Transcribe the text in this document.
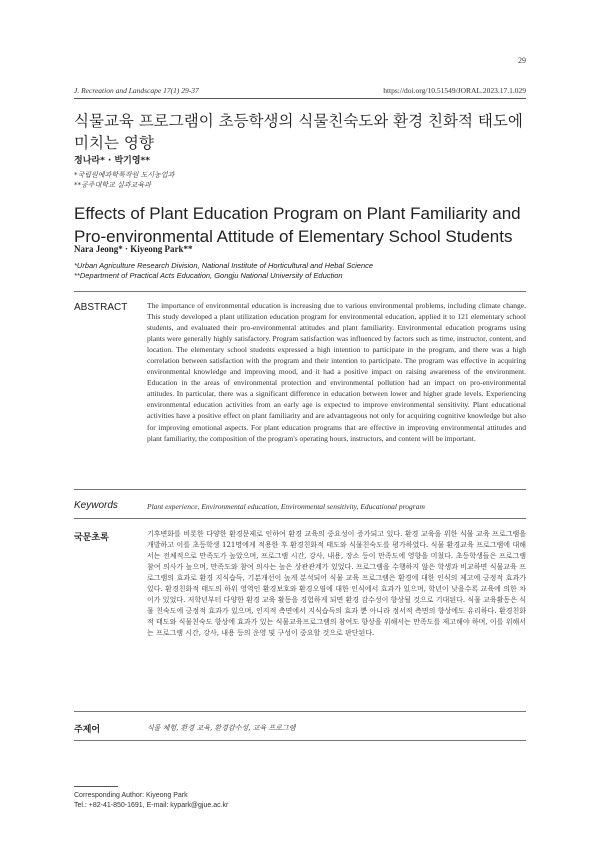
29
J. Recreation and Landscape 17(1) 29-37	https://doi.org/10.51549/JORAL.2023.17.1.029
식물교육 프로그램이 초등학생의 식물친숙도와 환경 친화적 태도에 미치는 영향
정나라* · 박기영**
*국립원예과학특작원 도시농업과
**공주대학교 실과교육과
Effects of Plant Education Program on Plant Familiarity and Pro-environmental Attitude of Elementary School Students
Nara Jeong* · Kiyeong Park**
*Urban Agriculture Research Division, National Institute of Horticultural and Hebal Science
**Department of Practical Acts Education, Gongju National University of Eduction
ABSTRACT	The importance of environmental education is increasing due to various environmental problems, including climate change. This study developed a plant utilization education program for environmental education, applied it to 121 elementary school students, and evaluated their pro-environmental attitudes and plant familiarity. Environmental education programs using plants were generally highly satisfactory. Program satisfaction was influenced by factors such as time, instructor, content, and location. The elementary school students expressed a high intention to participate in the program, and there was a high correlation between satisfaction with the program and their intention to participate. The program was effective in acquiring environmental knowledge and improving mood, and it had a positive impact on raising awareness of the environment. Education in the areas of environmental protection and environmental pollution had an impact on pro-environmental attitudes. In particular, there was a significant difference in education between lower and higher grade levels. Experiencing environmental education activities from an early age is expected to improve environmental sensitivity. Plant educational activities have a positive effect on plant familiarity and are advantageous not only for acquiring cognitive knowledge but also for improving emotional aspects. For plant education programs that are effective in improving environmental attitudes and plant familiarity, the composition of the program's operating hours, instructors, and content will be important.
Keywords	Plant experience, Environmental education, Environmental sensitivity, Educational program
국문초록	기후변화를 비롯한 다양한 환경문제로 인하여 환경 교육의 중요성이 증가되고 있다. 환경 교육을 위한 식물 교육 프로그램을 개발하고 이를 초등학생 121명에게 적용한 후 환경친화적 태도와 식물친숙도를 평가하였다. 식물 환경교육 프로그램에 대해서는 전체적으로 만족도가 높았으며, 프로그램 시간, 강사, 내용, 장소 등이 만족도에 영향을 미쳤다. 초등학생들은 프로그램 참여 의사가 높으며, 만족도와 참여 의사는 높은 상관관계가 있었다. 프로그램을 수행하지 않은 학생과 비교하면 식물교육 프로그램의 효과로 환경 지식습득, 기분개선이 높게 분석되어 식물 교육 프로그램은 환경에 대한 인식의 제고에 긍정적 효과가 있다. 환경친화적 태도의 하위 영역인 환경보호와 환경오염에 대한 인식에서 효과가 있으며, 학년이 낮을수록 교육에 의한 차이가 있었다. 저학년부터 다양한 환경 교육 활동을 경험하게 되면 환경 감수성이 향상될 것으로 기대된다. 식물 교육활동은 식물 친숙도에 긍정적 효과가 있으며, 인지적 측면에서 지식습득의 효과 뿐 아니라 정서적 측면의 향상에도 유리하다. 환경친화적 태도와 식물친숙도 향상에 효과가 있는 식물교육프로그램의 참여도 향상을 위해서는 만족도를 제고해야 하며, 이를 위해서는 프로그램 시간, 강사, 내용 등의 운영 및 구성이 중요할 것으로 판단된다.
주제어	식물 체험, 환경 교육, 환경감수성, 교육 프로그램
Corresponding Author: Kiyeong Park
Tel.: +82-41-850-1691, E-mail: kypark@gjue.ac.kr
